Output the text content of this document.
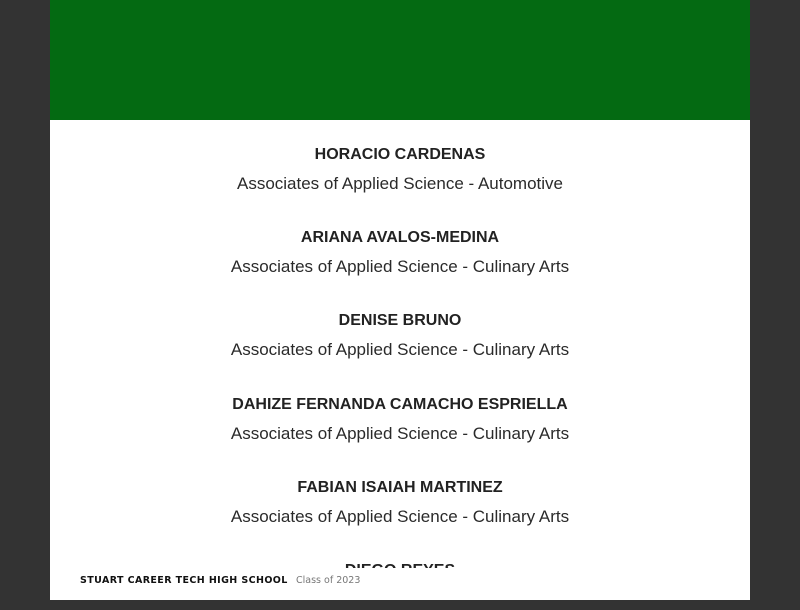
HORACIO CARDENAS
Associates of Applied Science - Automotive
ARIANA AVALOS-MEDINA
Associates of Applied Science - Culinary Arts
DENISE BRUNO
Associates of Applied Science - Culinary Arts
DAHIZE FERNANDA CAMACHO ESPRIELLA
Associates of Applied Science - Culinary Arts
FABIAN ISAIAH MARTINEZ
Associates of Applied Science - Culinary Arts
STUART CAREER TECH HIGH SCHOOL Class of 2023
